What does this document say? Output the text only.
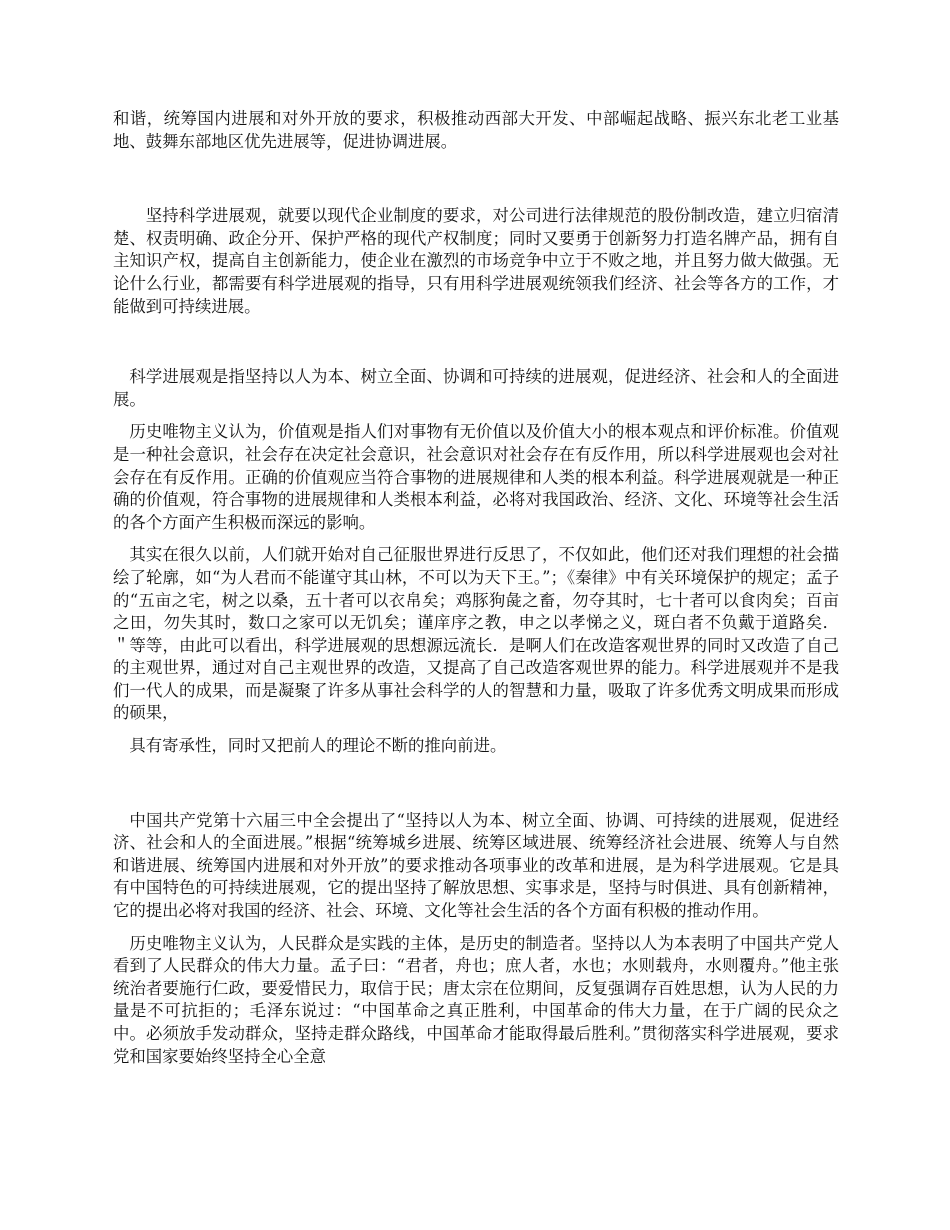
和谐，统筹国内进展和对外开放的要求，积极推动西部大开发、中部崛起战略、振兴东北老工业基地、鼓舞东部地区优先进展等，促进协调进展。

坚持科学进展观，就要以现代企业制度的要求，对公司进行法律规范的股份制改造，建立归宿清楚、权责明确、政企分开、保护严格的现代产权制度；同时又要勇于创新努力打造名牌产品，拥有自主知识产权，提高自主创新能力，使企业在激烈的市场竞争中立于不败之地，并且努力做大做强。无论什么行业，都需要有科学进展观的指导，只有用科学进展观统领我们经济、社会等各方的工作，才能做到可持续进展。

科学进展观是指坚持以人为本、树立全面、协调和可持续的进展观，促进经济、社会和人的全面进展。

历史唯物主义认为，价值观是指人们对事物有无价值以及价值大小的根本观点和评价标准。价值观是一种社会意识，社会存在决定社会意识，社会意识对社会存在有反作用，所以科学进展观也会对社会存在有反作用。正确的价值观应当符合事物的进展规律和人类的根本利益。科学进展观就是一种正确的价值观，符合事物的进展规律和人类根本利益，必将对我国政治、经济、文化、环境等社会生活的各个方面产生积极而深远的影响。

其实在很久以前，人们就开始对自己征服世界进行反思了，不仅如此，他们还对我们理想的社会描绘了轮廓，如“为人君而不能谨守其山林，不可以为天下王。”；《秦律》中有关环境保护的规定；孟子的“五亩之宅，树之以桑，五十者可以衣帛矣；鸡豚狗彘之畜，勿夺其时，七十者可以食肉矣；百亩之田，勿失其时，数口之家可以无饥矣；谨庠序之教，申之以孝悌之义，斑白者不负戴于道路矣． ＂等等，由此可以看出，科学进展观的思想源远流长．是啊人们在改造客观世界的同时又改造了自己的主观世界，通过对自己主观世界的改造，又提高了自己改造客观世界的能力。科学进展观并不是我们一代人的成果，而是凝聚了许多从事社会科学的人的智慧和力量，吸取了许多优秀文明成果而形成的硕果，

具有寄承性，同时又把前人的理论不断的推向前进。

中国共产党第十六届三中全会提出了“坚持以人为本、树立全面、协调、可持续的进展观，促进经济、社会和人的全面进展。”根据“统筹城乡进展、统筹区域进展、统筹经济社会进展、统筹人与自然和谐进展、统筹国内进展和对外开放”的要求推动各项事业的改革和进展，是为科学进展观。它是具有中国特色的可持续进展观，它的提出坚持了解放思想、实事求是，坚持与时俱进、具有创新精神，它的提出必将对我国的经济、社会、环境、文化等社会生活的各个方面有积极的推动作用。

历史唯物主义认为，人民群众是实践的主体，是历史的制造者。坚持以人为本表明了中国共产党人看到了人民群众的伟大力量。孟子曰：“君者，舟也；庶人者，水也；水则载舟，水则覆舟。”他主张统治者要施行仁政，要爱惜民力，取信于民；唐太宗在位期间，反复强调存百姓思想，认为人民的力量是不可抗拒的；毛泽东说过：“中国革命之真正胜利，中国革命的伟大力量，在于广阔的民众之中。必须放手发动群众，坚持走群众路线，中国革命才能取得最后胜利。”贯彻落实科学进展观，要求党和国家要始终坚持全心全意
